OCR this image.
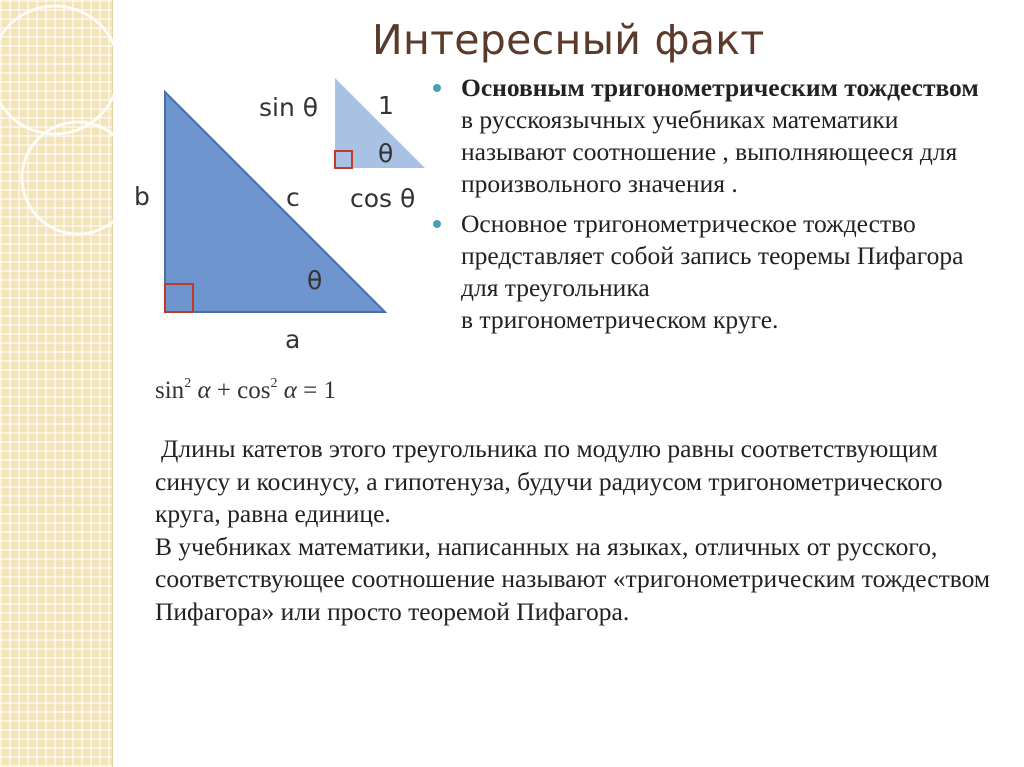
Интересный факт
b	c
θ
a
sin θ 1
θ
cos θ
$\sin^2 \alpha + \cos^2 \alpha = 1$
Основным тригонометрическим тождеством в русскоязычных учебниках математики называют соотношение , выполняющееся для произвольного значения .
Основное тригонометрическое тождество представляет собой запись теоремы Пифагора для треугольника
в тригонометрическом круге.

Длины катетов этого треугольника по модулю равны соответствующим синусу и косинусу, а гипотенуза, будучи радиусом тригонометрического круга, равна единице.

В учебниках математики, написанных на языках, отличных от русского, соответствующее соотношение называют «тригонометрическим тождеством Пифагора» или просто теоремой Пифагора.
